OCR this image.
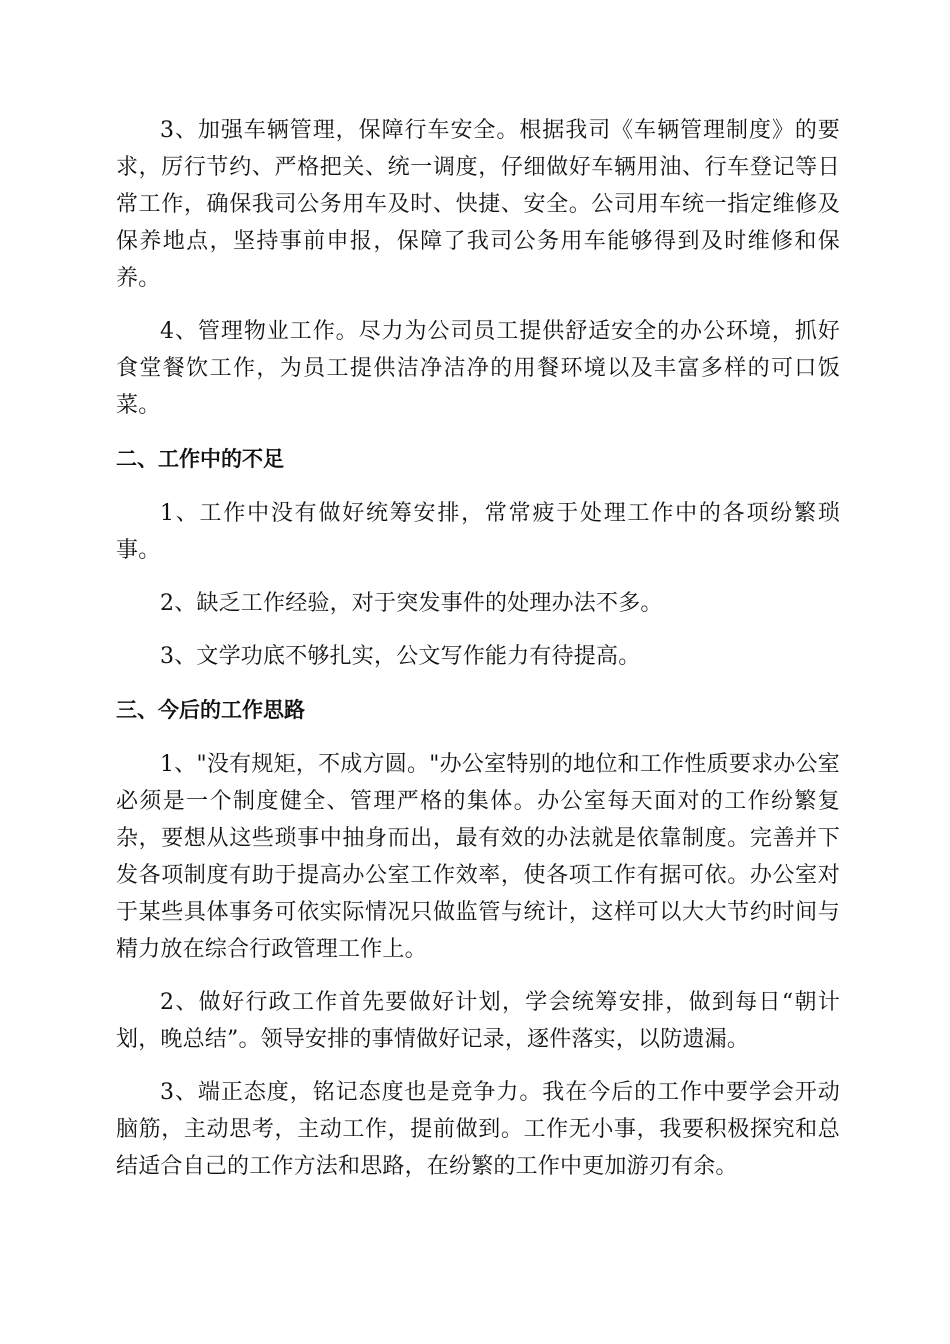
3、加强车辆管理，保障行车安全。根据我司《车辆管理制度》的要求，厉行节约、严格把关、统一调度，仔细做好车辆用油、行车登记等日常工作，确保我司公务用车及时、快捷、安全。公司用车统一指定维修及保养地点，坚持事前申报，保障了我司公务用车能够得到及时维修和保养。

4、管理物业工作。尽力为公司员工提供舒适安全的办公环境，抓好食堂餐饮工作，为员工提供洁净洁净的用餐环境以及丰富多样的可口饭菜。

二、工作中的不足

1、工作中没有做好统筹安排，常常疲于处理工作中的各项纷繁琐事。

2、缺乏工作经验，对于突发事件的处理办法不多。

3、文学功底不够扎实，公文写作能力有待提高。

三、今后的工作思路

1、"没有规矩，不成方圆。"办公室特别的地位和工作性质要求办公室必须是一个制度健全、管理严格的集体。办公室每天面对的工作纷繁复杂，要想从这些琐事中抽身而出，最有效的办法就是依靠制度。完善并下发各项制度有助于提高办公室工作效率，使各项工作有据可依。办公室对于某些具体事务可依实际情况只做监管与统计，这样可以大大节约时间与精力放在综合行政管理工作上。

2、做好行政工作首先要做好计划，学会统筹安排，做到每日“朝计划，晚总结”。领导安排的事情做好记录，逐件落实，以防遗漏。

3、端正态度，铭记态度也是竞争力。我在今后的工作中要学会开动脑筋，主动思考，主动工作，提前做到。工作无小事，我要积极探究和总结适合自己的工作方法和思路，在纷繁的工作中更加游刃有余。
